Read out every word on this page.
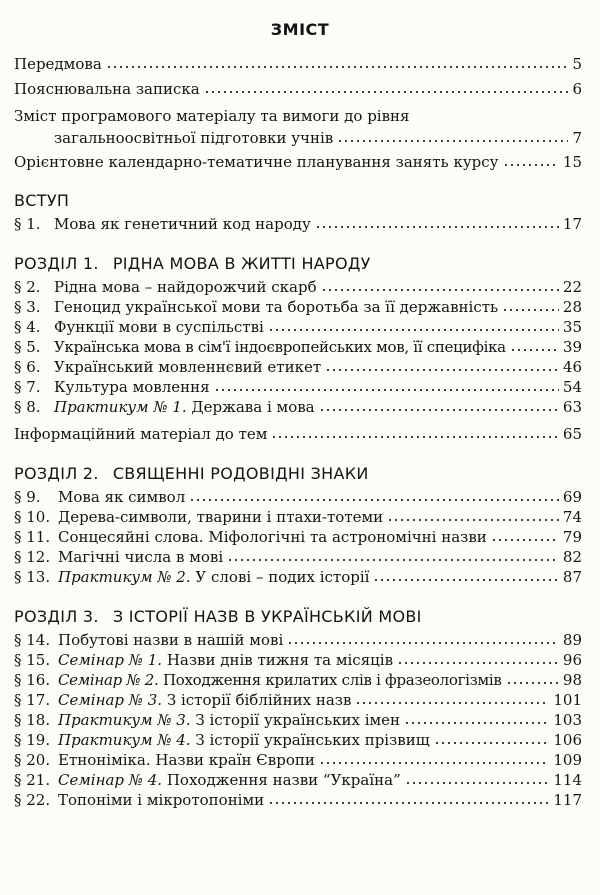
ЗМІСТ
Передмова	5
Пояснювальна записка	6
Зміст програмового матеріалу та вимоги до рівня
загальноосвітньої підготовки учнів	7
Орієнтовне календарно-тематичне планування занять курсу	15
ВСТУП
§ 1. Мова як генетичний код народу	17
РОЗДІЛ 1. РІДНА МОВА В ЖИТТІ НАРОДУ
§ 2. Рідна мова – найдорожчий скарб	22
§ 3. Геноцид української мови та боротьба за її державність	28
§ 4. Функції мови в суспільстві	35
§ 5. Українська мова в сім'ї індоєвропейських мов, її специфіка	39
§ 6. Український мовленнєвий етикет	46
§ 7. Культура мовлення	54
§ 8. Практикум № 1. Держава і мова	63
Інформаційний матеріал до тем	65
РОЗДІЛ 2. СВЯЩЕННІ РОДОВІДНІ ЗНАКИ
§ 9.	Мова як символ	69
§ 10. Дерева-символи, тварини і птахи-тотеми	74
§ 11. Сонцесяйні слова. Міфологічні та астрономічні назви	79
§ 12. Магічні числа в мові	82
§ 13. Практикум № 2. У слові – подих історії	87
РОЗДІЛ 3. З ІСТОРІЇ НАЗВ В УКРАЇНСЬКІЙ МОВІ
§ 14. Побутові назви в нашій мові	89
§ 15. Семінар № 1. Назви днів тижня та місяців	96
§ 16. Семінар № 2. Походження крилатих слів і фразеологізмів	98
§ 17. Семінар № 3. З історії біблійних назв	101
§ 18. Практикум № 3. З історії українських імен	103
§ 19. Практикум № 4. З історії українських прізвищ	106
§ 20. Етноніміка. Назви країн Європи	109
§ 21. Семінар № 4. Походження назви “Україна”	114
§ 22. Топоніми і мікротопоніми	117
